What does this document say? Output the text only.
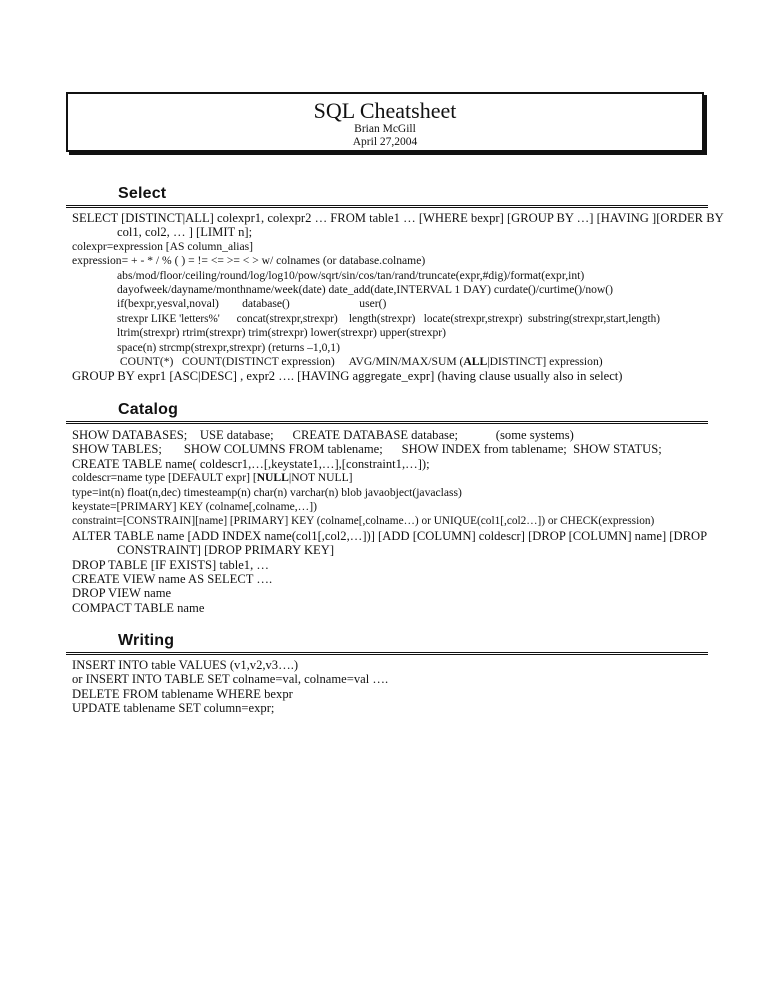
SQL Cheatsheet
Brian McGill
April 27,2004
Select
SELECT [DISTINCT|ALL] colexpr1, colexpr2 … FROM table1 … [WHERE bexpr] [GROUP BY …] [HAVING ][ORDER BY
col1, col2, … ] [LIMIT n];
colexpr=expression [AS column_alias]
expression= + - * / % ( ) = != <= >= < > w/ colnames (or database.colname)
abs/mod/floor/ceiling/round/log/log10/pow/sqrt/sin/cos/tan/rand/truncate(expr,#dig)/format(expr,int)
dayofweek/dayname/monthname/week(date) date_add(date,INTERVAL 1 DAY) curdate()/curtime()/now()
if(bexpr,yesval,noval)        database()                        user()
strexpr LIKE 'letters%'      concat(strexpr,strexpr)    length(strexpr)   locate(strexpr,strexpr)  substring(strexpr,start,length)
ltrim(strexpr) rtrim(strexpr) trim(strexpr) lower(strexpr) upper(strexpr)
space(n) strcmp(strexpr,strexpr) (returns –1,0,1)
COUNT(*)   COUNT(DISTINCT expression)     AVG/MIN/MAX/SUM (ALL|DISTINCT] expression)
GROUP BY expr1 [ASC|DESC] , expr2 …. [HAVING aggregate_expr] (having clause usually also in select)
Catalog
SHOW DATABASES;    USE database;      CREATE DATABASE database;            (some systems)
SHOW TABLES;       SHOW COLUMNS FROM tablename;      SHOW INDEX from tablename;  SHOW STATUS;
CREATE TABLE name( coldescr1,…[,keystate1,…],[constraint1,…]);
coldescr=name type [DEFAULT expr] [NULL|NOT NULL]
type=int(n) float(n,dec) timesteamp(n) char(n) varchar(n) blob javaobject(javaclass)
keystate=[PRIMARY] KEY (colname[,colname,…])
constraint=[CONSTRAIN][name] [PRIMARY] KEY (colname[,colname…) or UNIQUE(col1[,col2…]) or CHECK(expression)
ALTER TABLE name [ADD INDEX name(col1[,col2,…])] [ADD [COLUMN] coldescr] [DROP [COLUMN] name] [DROP
CONSTRAINT] [DROP PRIMARY KEY]
DROP TABLE [IF EXISTS] table1, …
CREATE VIEW name AS SELECT ….
DROP VIEW name
COMPACT TABLE name
Writing
INSERT INTO table VALUES (v1,v2,v3….)
or INSERT INTO TABLE SET colname=val, colname=val ….
DELETE FROM tablename WHERE bexpr
UPDATE tablename SET column=expr;
